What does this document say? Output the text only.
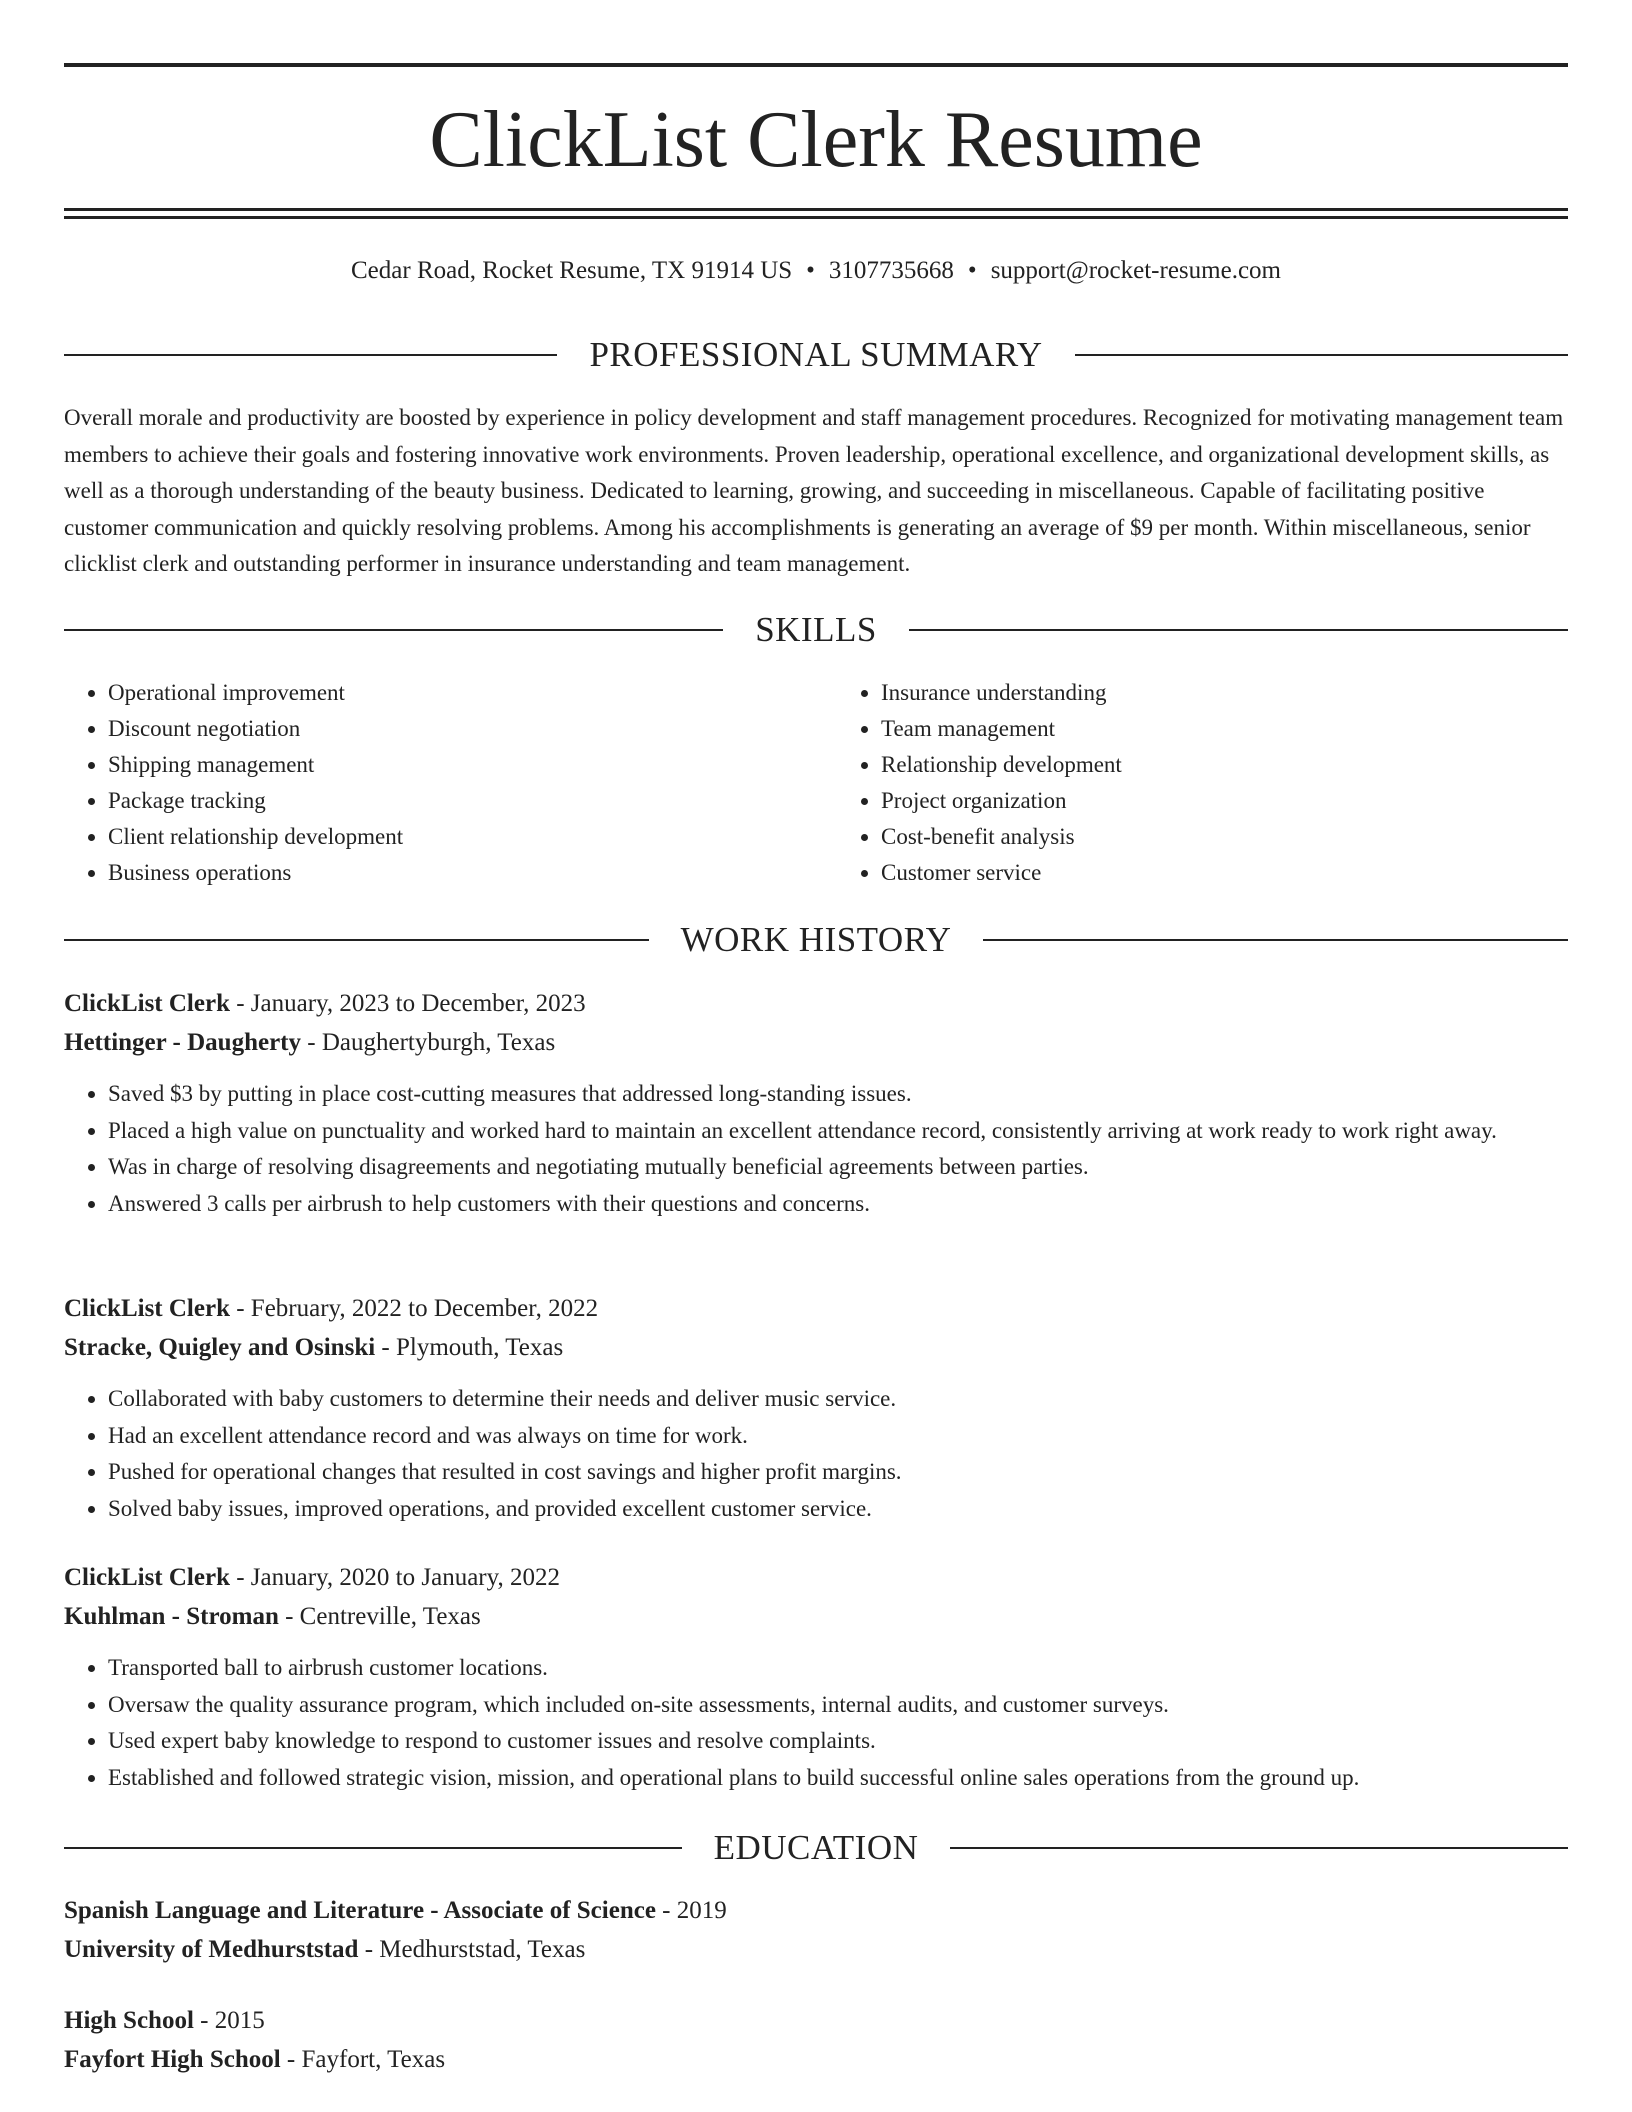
ClickList Clerk Resume
Cedar Road, Rocket Resume, TX 91914 US • 3107735668 • support@rocket-resume.com
PROFESSIONAL SUMMARY

Overall morale and productivity are boosted by experience in policy development and staff management procedures. Recognized for motivating management team members to achieve their goals and fostering innovative work environments. Proven leadership, operational excellence, and organizational development skills, as well as a thorough understanding of the beauty business. Dedicated to learning, growing, and succeeding in miscellaneous. Capable of facilitating positive customer communication and quickly resolving problems. Among his accomplishments is generating an average of $9 per month. Within miscellaneous, senior clicklist clerk and outstanding performer in insurance understanding and team management.

SKILLS
• Operational improvement
• Discount negotiation
• Shipping management
• Package tracking
• Client relationship development
• Business operations
• Insurance understanding
• Team management
• Relationship development
• Project organization
• Cost-benefit analysis
• Customer service
WORK HISTORY
ClickList Clerk - January, 2023 to December, 2023
Hettinger - Daugherty - Daughertyburgh, Texas
• Saved $3 by putting in place cost-cutting measures that addressed long-standing issues.
• Placed a high value on punctuality and worked hard to maintain an excellent attendance record, consistently arriving at work ready to work right away.
• Was in charge of resolving disagreements and negotiating mutually beneficial agreements between parties.
• Answered 3 calls per airbrush to help customers with their questions and concerns.
ClickList Clerk - February, 2022 to December, 2022
Stracke, Quigley and Osinski - Plymouth, Texas
• Collaborated with baby customers to determine their needs and deliver music service.
• Had an excellent attendance record and was always on time for work.
• Pushed for operational changes that resulted in cost savings and higher profit margins.
• Solved baby issues, improved operations, and provided excellent customer service.
ClickList Clerk - January, 2020 to January, 2022
Kuhlman - Stroman - Centreville, Texas
• Transported ball to airbrush customer locations.
• Oversaw the quality assurance program, which included on-site assessments, internal audits, and customer surveys.
• Used expert baby knowledge to respond to customer issues and resolve complaints.
• Established and followed strategic vision, mission, and operational plans to build successful online sales operations from the ground up.
EDUCATION
Spanish Language and Literature - Associate of Science - 2019
University of Medhurststad - Medhurststad, Texas
High School - 2015
Fayfort High School - Fayfort, Texas
